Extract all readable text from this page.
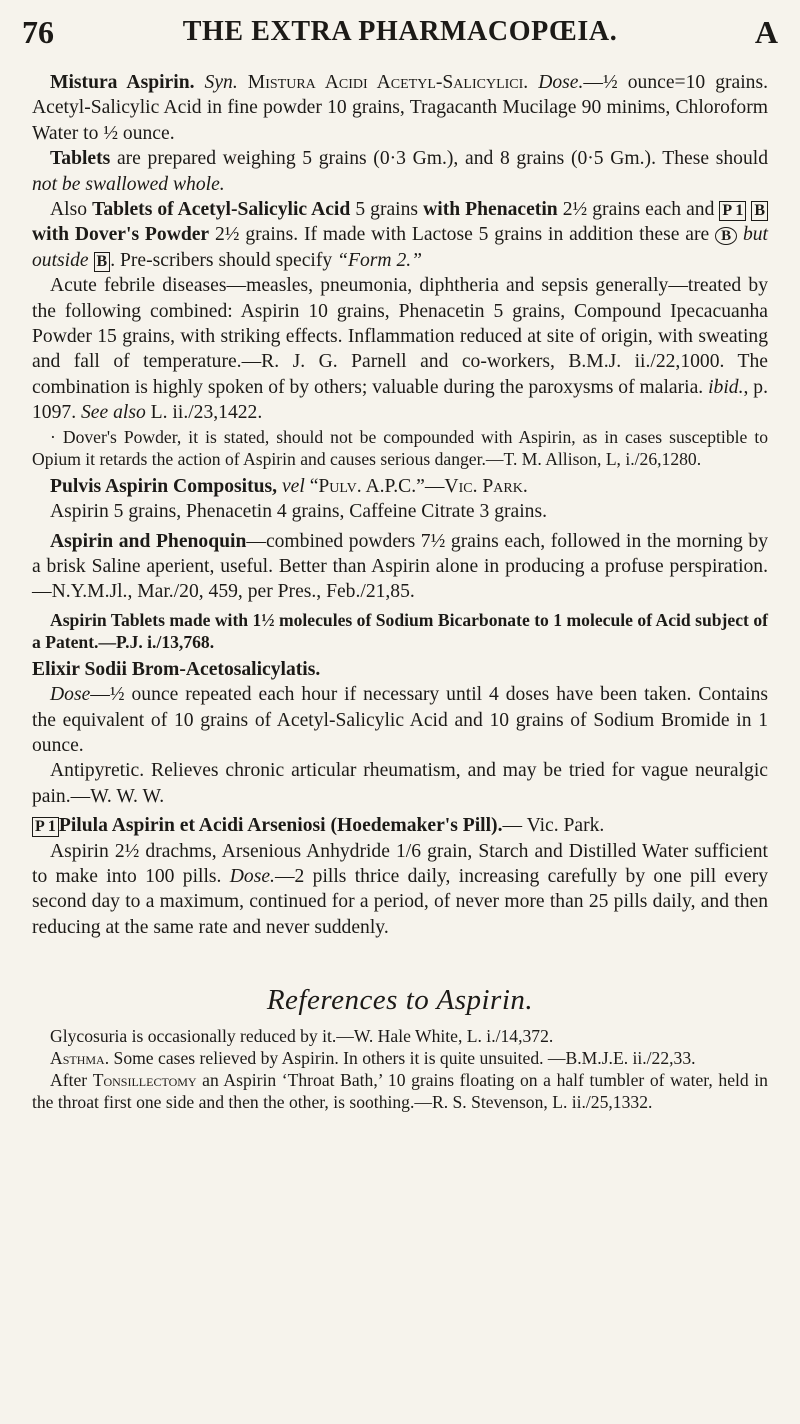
76	THE EXTRA PHARMACOPŒIA.	A

Mistura Aspirin. Syn. Mistura Acidi Acetyl-Salicylici. Dose.—½ ounce=10 grains. Acetyl-Salicylic Acid in fine powder 10 grains, Tragacanth Mucilage 90 minims, Chloroform Water to ½ ounce.

Tablets are prepared weighing 5 grains (0·3 Gm.), and 8 grains (0·5 Gm.). These should not be swallowed whole.

Also Tablets of Acetyl-Salicylic Acid 5 grains with Phenacetin 2½ grains each and P 1 B with Dover's Powder 2½ grains. If made with Lactose 5 grains in addition these are B but outside B . Pre-scribers should specify “Form 2.”

Acute febrile diseases—measles, pneumonia, diphtheria and sepsis generally—treated by the following combined: Aspirin 10 grains, Phenacetin 5 grains, Compound Ipecacuanha Powder 15 grains, with striking effects. Inflammation reduced at site of origin, with sweating and fall of temperature.—R. J. G. Parnell and co-workers, B.M.J. ii./22,1000. The combination is highly spoken of by others; valuable during the paroxysms of malaria. ibid., p. 1097. See also L. ii./23,1422.

· Dover's Powder, it is stated, should not be compounded with Aspirin, as in cases susceptible to Opium it retards the action of Aspirin and causes serious danger.—T. M. Allison, L, i./26,1280.

Pulvis Aspirin Compositus, vel “Pulv. A.P.C.”—Vic. Park.

Aspirin 5 grains, Phenacetin 4 grains, Caffeine Citrate 3 grains.

Aspirin and Phenoquin—combined powders 7½ grains each, followed in the morning by a brisk Saline aperient, useful. Better than Aspirin alone in producing a profuse perspiration.—N.Y.M.Jl., Mar./20, 459, per Pres., Feb./21,85.

Aspirin Tablets made with 1½ molecules of Sodium Bicarbonate to 1 molecule of Acid subject of a Patent.—P.J. i./13,768.

Elixir Sodii Brom-Acetosalicylatis.

Dose—½ ounce repeated each hour if necessary until 4 doses have been taken. Contains the equivalent of 10 grains of Acetyl-Salicylic Acid and 10 grains of Sodium Bromide in 1 ounce.

Antipyretic. Relieves chronic articular rheumatism, and may be tried for vague neuralgic pain.—W. W. W.

P 1 Pilula Aspirin et Acidi Arseniosi (Hoedemaker's Pill).— Vic. Park.

Aspirin 2½ drachms, Arsenious Anhydride 1/6 grain, Starch and Distilled Water sufficient to make into 100 pills. Dose.—2 pills thrice daily, increasing carefully by one pill every second day to a maximum, continued for a period, of never more than 25 pills daily, and then reducing at the same rate and never suddenly.

References to Aspirin.

Glycosuria is occasionally reduced by it.—W. Hale White, L. i./14,372.

Asthma. Some cases relieved by Aspirin. In others it is quite unsuited. —B.M.J.E. ii./22,33.

After Tonsillectomy an Aspirin ‘Throat Bath,’ 10 grains floating on a half tumbler of water, held in the throat first one side and then the other, is soothing.—R. S. Stevenson, L. ii./25,1332.
